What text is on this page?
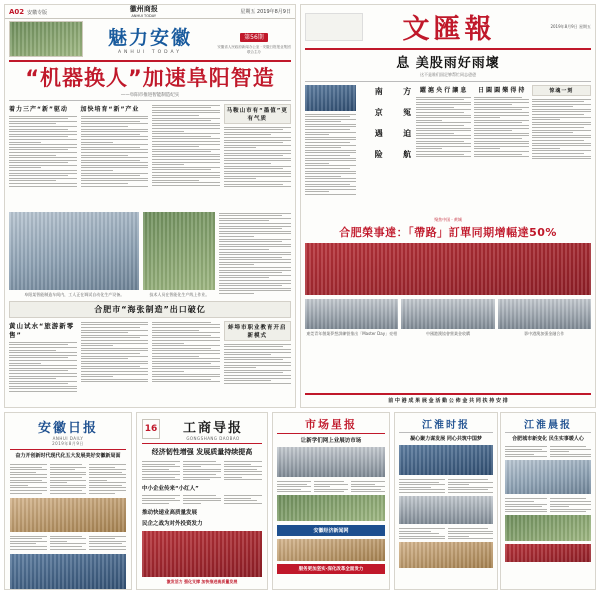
A02 安徽专版	徽州商报
ANHUI TODAY
星期五 2019年8月9日
魅力安徽
ANHUI TODAY
第56期
安徽省人民政府新闻办公室 · 安徽日报报业集团 联合主办
“机器换人”加速阜阳智造
——阜阳市推进智能制造纪实
着力三产“新”驱动	加快培育“新”产业	马鞍山市有“墨值”更有气质
阜阳某智能制造车间内，工人正在调试自动化生产设备。	技术人员在智能化生产线上作业。
合肥市“海张制造”出口破亿
黄山试水“旅游新零售”
蚌埠市职业教育开启新模式
文匯報	2019年8月9日 星期五
息 美股雨好雨壞
这不是谁们国足够帮忙同志爸爸
南 京 遇 险	方 冤 迫 航	躍 滬 央 行 讓 息	日 圓 圓 樂 得 持	惊魂一刻
聚焦中国 · 黄城
合肥榮事達：「帶路」訂單同期增幅達50%
東莞青年創業夢想訓練營推出「Master Day」亮相	中國港澳協會營業金收購	影中港澳加强金融合作
前 中 港 成 果 展 金 活 動 公 佈 金 共 同 扶 持 安 排
安徽日报
ANHUI DAILY
2019年8月9日
奋力开创新时代现代化五大发展美好安徽新局面
16	工商导报
GONGSHANG DAOBAO
经济韧性增强 发展质量持续提高
中小企业传来“小红人”
推动快递业高质量发展
民企之战为对外投资发力
激发活力 强化支撑 加快推进高质量发展
市场星报
让新学们网上业展访市场
安徽经济新闻网
服务更加坚实·深化改革全面发力
江淮时报
凝心聚力谋发展 同心共筑中国梦
江淮晨报
合肥城市新变化 民生实事暖人心
